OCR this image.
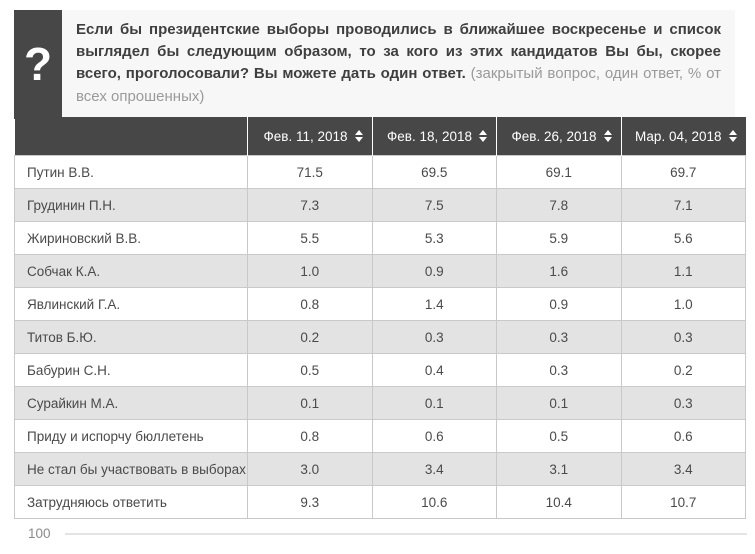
?
Если бы президентские выборы проводились в ближайшее воскресенье и список выглядел бы следующим образом, то за кого из этих кандидатов Вы бы, скорее всего, проголосовали? Вы можете дать один ответ. (закрытый вопрос, один ответ, % от всех опрошенных)

	Фев. 11, 2018	Фев. 18, 2018	Фев. 26, 2018	Мар. 04, 2018

Путин В.В.	71.5	69.5	69.1	69.7
Грудинин П.Н.	7.3	7.5	7.8	7.1
Жириновский В.В.	5.5	5.3	5.9	5.6
Собчак К.А.	1.0	0.9	1.6	1.1
Явлинский Г.А.	0.8	1.4	0.9	1.0
Титов Б.Ю.	0.2	0.3	0.3	0.3
Бабурин С.Н.	0.5	0.4	0.3	0.2
Сурайкин М.А.	0.1	0.1	0.1	0.3
Приду и испорчу бюллетень	0.8	0.6	0.5	0.6
Не стал бы участвовать в выборах	3.0	3.4	3.1	3.4
Затрудняюсь ответить	9.3	10.6	10.4	10.7
100
